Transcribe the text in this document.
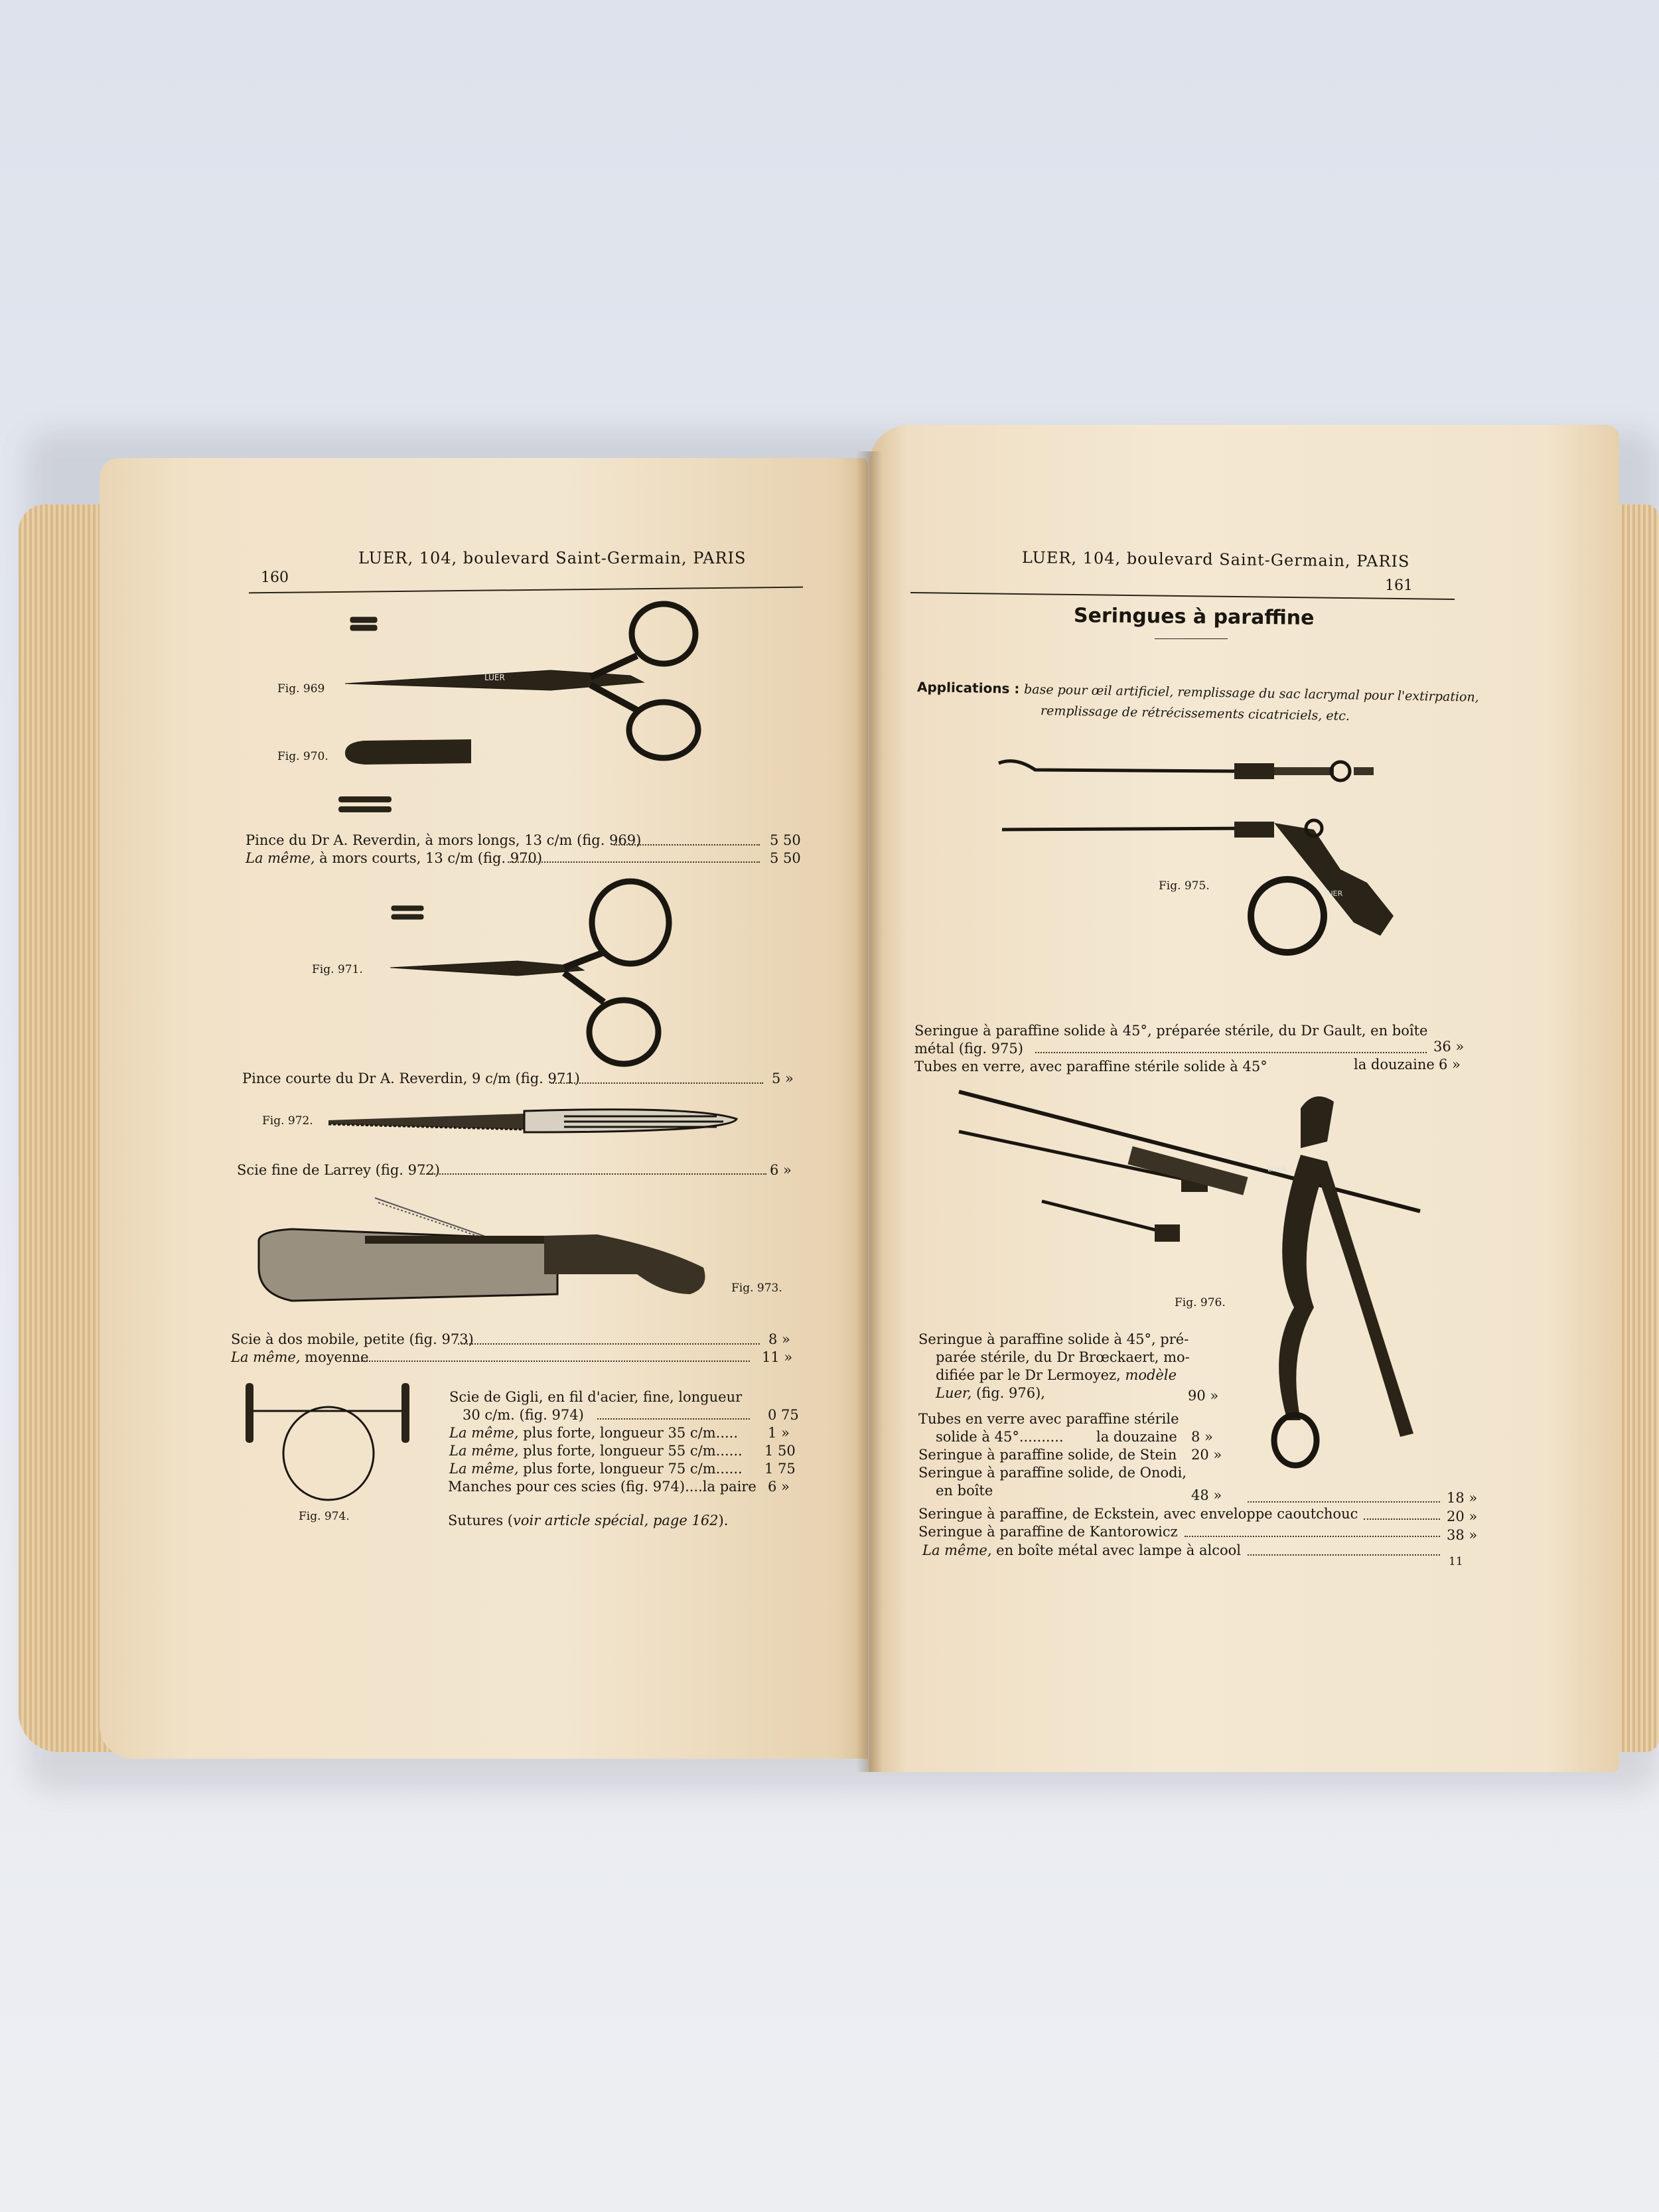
160
LUER, 104, boulevard Saint-Germain, PARIS
LUER
Fig. 969
Fig. 970.
Pince du Dr A. Reverdin, à mors longs, 13 c/m (fig. 969)	5 50
La même, à mors courts, 13 c/m (fig. 970)	5 50
Fig. 971.
Pince courte du Dr A. Reverdin, 9 c/m (fig. 971)	5 »
Fig. 972.
Scie fine de Larrey (fig. 972)	6 »
Fig. 973.
Scie à dos mobile, petite (fig. 973)	8 »
La même, moyenne	11 »
Fig. 974.
Scie de Gigli, en fil d'acier, fine, longueur
30 c/m. (fig. 974)	0 75
La même, plus forte, longueur 35 c/m..... 1 »
La même, plus forte, longueur 55 c/m...... 1 50
La même, plus forte, longueur 75 c/m...... 1 75
Manches pour ces scies (fig. 974)....la paire 6 »
Sutures (voir article spécial, page 162).
LUER, 104, boulevard Saint-Germain, PARIS
161
Seringues à paraffine
Applications : base pour œil artificiel, remplissage du sac lacrymal pour l'extirpation,
remplissage de rétrécissements cicatriciels, etc.
LUER
Fig. 975.
Seringue à paraffine solide à 45°, préparée stérile, du Dr Gault, en boîte
métal (fig. 975)	36 »
Tubes en verre, avec paraffine stérile solide à 45°	la douzaine 6 »
LUER
Fig. 976.
Seringue à paraffine solide à 45°, pré-
parée stérile, du Dr Brœckaert, mo-
difiée par le Dr Lermoyez, modèle
Luer, (fig. 976),	90 »
Tubes en verre avec paraffine stérile
solide à 45°.......... la douzaine 8 »
Seringue à paraffine solide, de Stein 20 »
Seringue à paraffine solide, de Onodi,
en boîte	48 »	18 »
Seringue à paraffine, de Eckstein, avec enveloppe caoutchouc	20 »
Seringue à paraffine de Kantorowicz	38 »
La même, en boîte métal avec lampe à alcool
11
